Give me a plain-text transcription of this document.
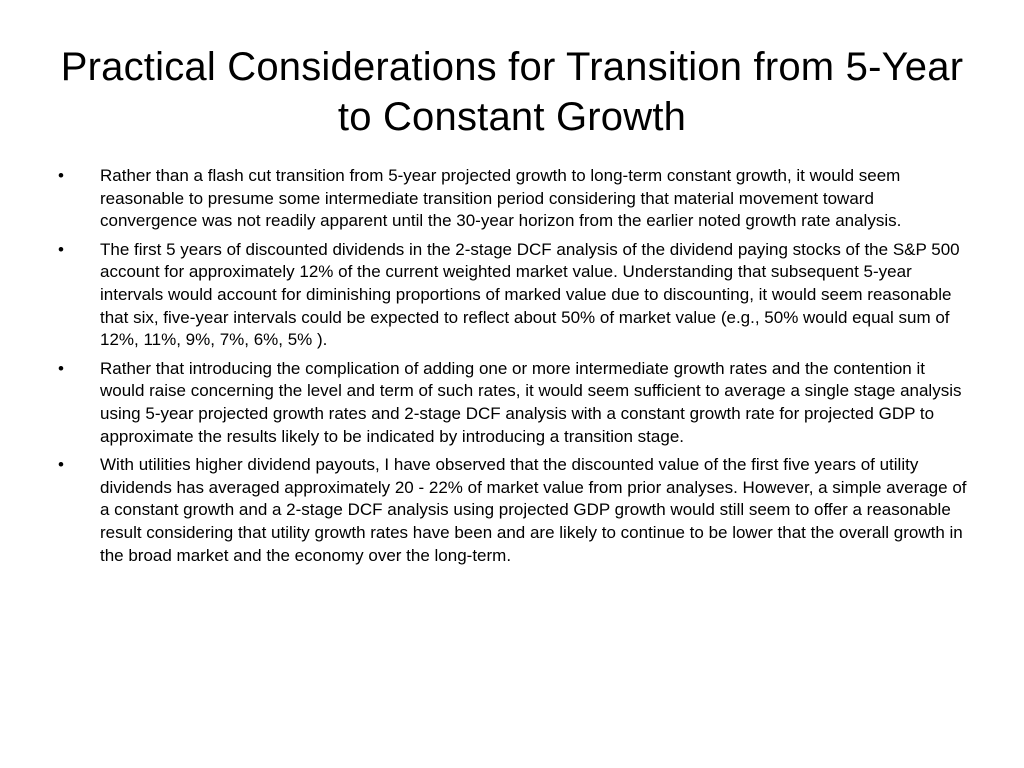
Practical Considerations for Transition from 5-Year to Constant Growth
•	Rather than a flash cut transition from 5-year projected growth to long-term constant growth, it would seem reasonable to presume some intermediate transition period considering that material movement toward convergence was not readily apparent until the 30-year horizon from the earlier noted growth rate analysis.
•	The first 5 years of discounted dividends in the 2-stage DCF analysis of the dividend paying stocks of the S&P 500 account for approximately 12% of the current weighted market value. Understanding that subsequent 5-year intervals would account for diminishing proportions of marked value due to discounting, it would seem reasonable that six, five-year intervals could be expected to reflect about 50% of market value (e.g., 50% would equal sum of 12%, 11%, 9%, 7%, 6%, 5% ).
•	Rather that introducing the complication of adding one or more intermediate growth rates and the contention it would raise concerning the level and term of such rates, it would seem sufficient to average a single stage analysis using 5-year projected growth rates and 2-stage DCF analysis with a constant growth rate for projected GDP to approximate the results likely to be indicated by introducing a transition stage.
•	With utilities higher dividend payouts, I have observed that the discounted value of the first five years of utility dividends has averaged approximately 20 - 22% of market value from prior analyses. However, a simple average of a constant growth and a 2-stage DCF analysis using projected GDP growth would still seem to offer a reasonable result considering that utility growth rates have been and are likely to continue to be lower that the overall growth in the broad market and the economy over the long-term.
